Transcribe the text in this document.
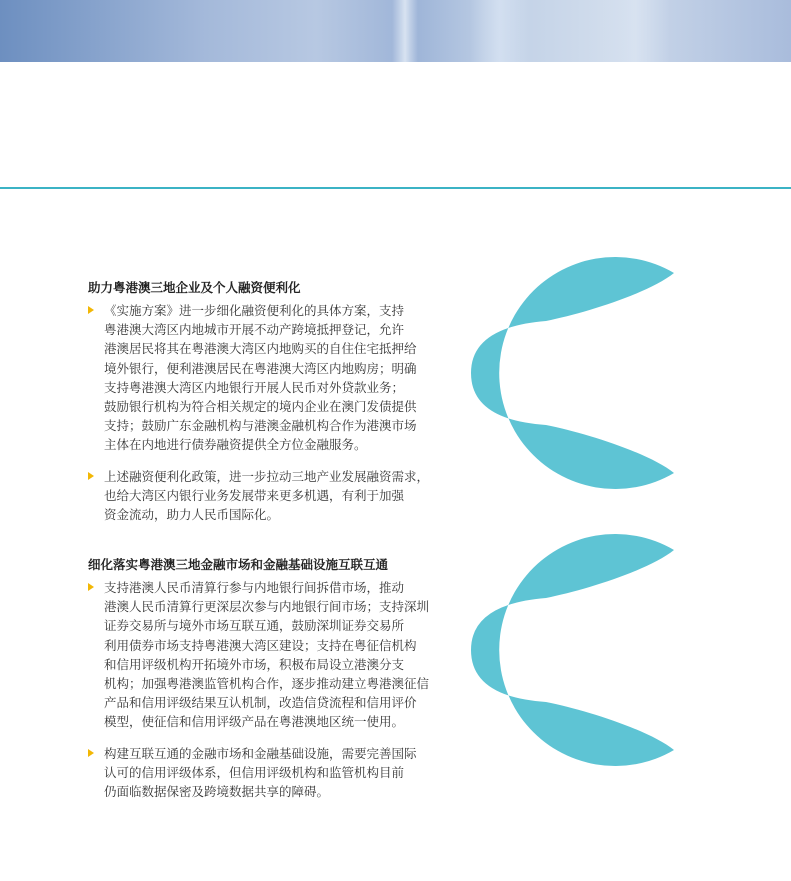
助力粤港澳三地企业及个人融资便利化
《实施方案》进一步细化融资便利化的具体方案，支持
粤港澳大湾区内地城市开展不动产跨境抵押登记，允许
港澳居民将其在粤港澳大湾区内地购买的自住住宅抵押给
境外银行，便利港澳居民在粤港澳大湾区内地购房；明确
支持粤港澳大湾区内地银行开展人民币对外贷款业务；
鼓励银行机构为符合相关规定的境内企业在澳门发债提供
支持；鼓励广东金融机构与港澳金融机构合作为港澳市场
主体在内地进行债券融资提供全方位金融服务。
上述融资便利化政策，进一步拉动三地产业发展融资需求，
也给大湾区内银行业务发展带来更多机遇，有利于加强
资金流动，助力人民币国际化。
细化落实粤港澳三地金融市场和金融基础设施互联互通
支持港澳人民币清算行参与内地银行间拆借市场，推动
港澳人民币清算行更深层次参与内地银行间市场；支持深圳
证券交易所与境外市场互联互通，鼓励深圳证券交易所
利用债券市场支持粤港澳大湾区建设；支持在粤征信机构
和信用评级机构开拓境外市场，积极布局设立港澳分支
机构；加强粤港澳监管机构合作，逐步推动建立粤港澳征信
产品和信用评级结果互认机制，改造信贷流程和信用评价
模型，使征信和信用评级产品在粤港澳地区统一使用。
构建互联互通的金融市场和金融基础设施，需要完善国际
认可的信用评级体系，但信用评级机构和监管机构目前
仍面临数据保密及跨境数据共享的障碍。
丰富商业银行跨境投
融资服务领域，促进产品
创新，同时也对商业
银行提高国际化经营能力
提出更高要求
商业银行需抓住金融
机构协同、市场对接、
产品互认、人才互动的
机会，整合内部资源，
加强同业合作，推动建立
多层次金融市场
